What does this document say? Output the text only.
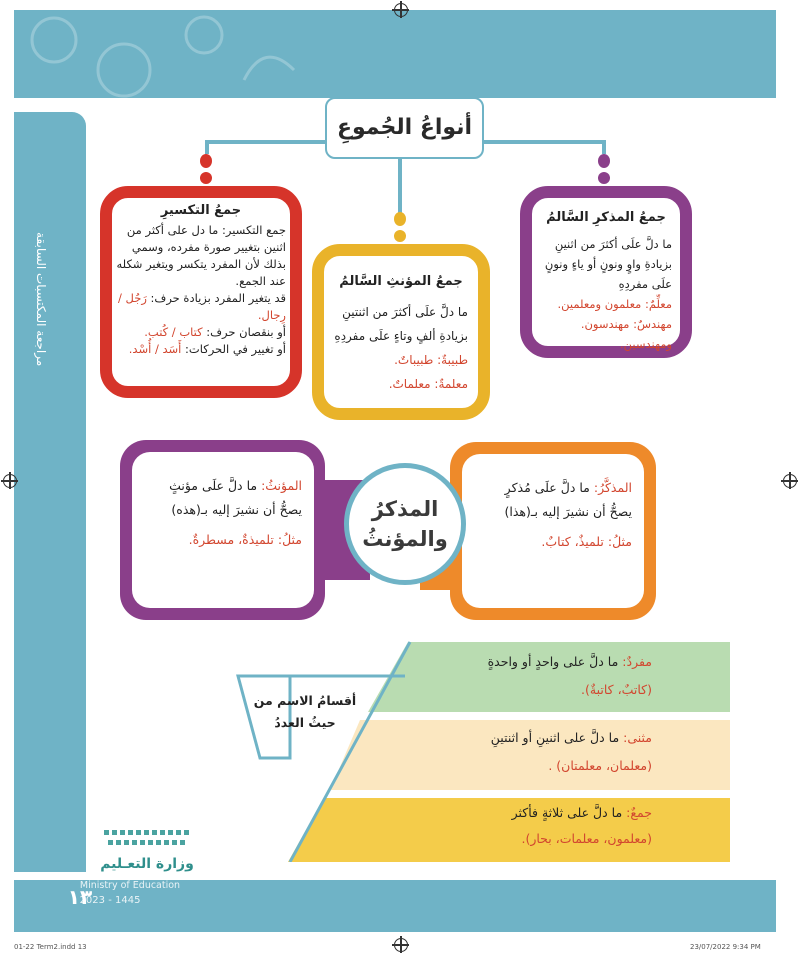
مراجعة المكتسبات السابقة
أنواعُ الجُموعِ
جمعُ المذكرِ السَّالمُ
ما دلَّ علَى أكثرَ من اثنينِ بزيادةِ واوٍ ونونٍ أو ياءٍ ونونٍ علَى مفردِهِ
معلِّمٌ: معلمون ومعلمين.
مهندسٌ: مهندسون.
ومهندسين.
جمعُ المؤنثِ السَّالمُ
ما دلَّ علَى أكثرَ من اثنتينِ بزيادةِ ألفٍ وتاءٍ علَى مفردِهِ
طبيبةٌ: طبيباتٌ.
معلمةٌ: معلماتٌ.
جمعُ التكسيرِ
جمع التكسير: ما دل على أكثر من اثنين بتغيير صورة مفرده، وسمي بذلك لأن المفرد يتكسر ويتغير شكله عند الجمع.
قد يتغير المفرد بزيادة حرف: رَجُل / رِجال.
أو بنقصان حرف: كتاب / كُتب.
أو تغيير في الحركات: أَسَد / أُسْد.
المؤنثُ: ما دلَّ علَى مؤنثٍ
يصحُّ أن نشيرَ إليه بـ(هذه)
مثلُ: تلميذةٌ، مسطرةٌ.
المذكَّرُ: ما دلَّ علَى مُذكرٍ
يصحُّ أن نشيرَ إليه بـ(هذا)
مثلُ: تلميذٌ، كتابٌ.
المذكرُ
والمؤنثُ
أقسامُ الاسم من
حيثُ العددُ
مفردٌ: ما دلَّ على واحدٍ أو واحدةٍ
(كاتبٌ، كاتبةٌ).
مثنى: ما دلَّ على اثنينِ أو اثنتينِ
(معلمان، معلمتان) .
جمعٌ: ما دلَّ على ثلاثةٍ فأكثر
(معلمون، معلمات، بحار).
وزارة التعـليم
Ministry of Education
2023 - 1445
١٣
01-22 Term2.indd 13	23/07/2022 9:34 PM
